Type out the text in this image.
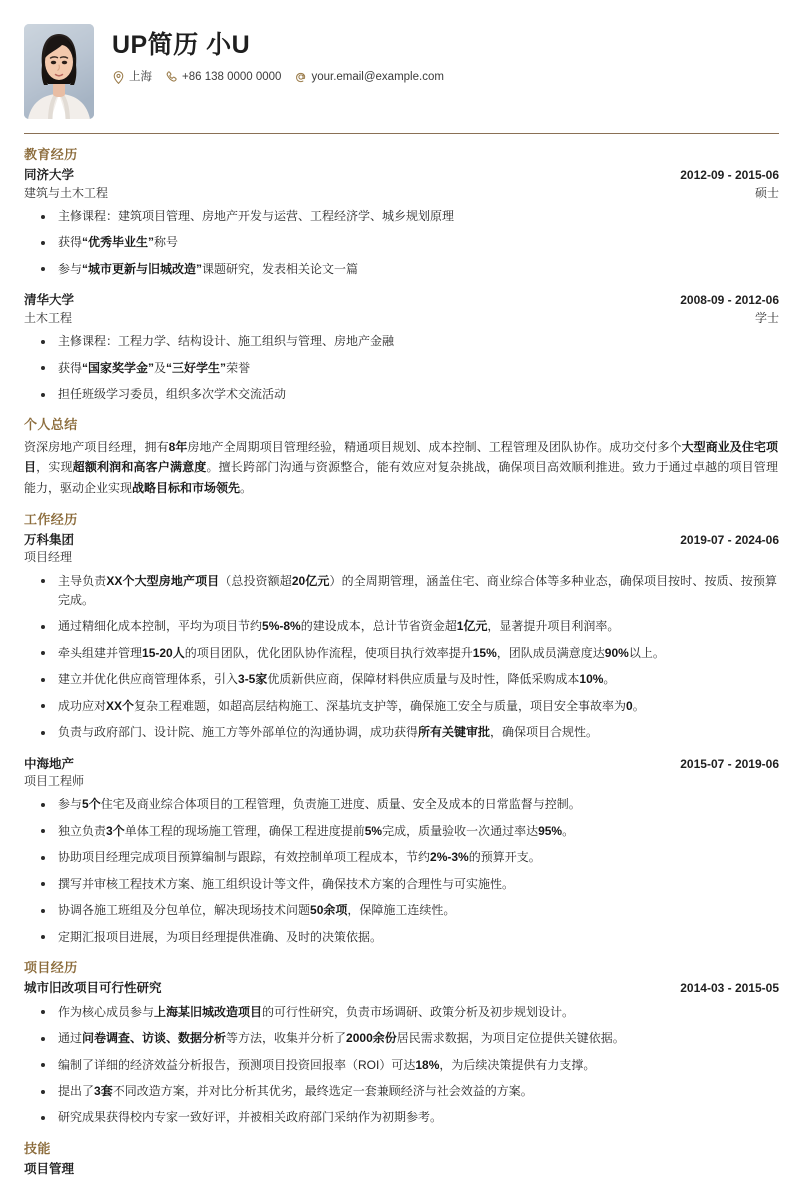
UP简历 小U
上海	+86 138 0000 0000	your.email@example.com
教育经历
同济大学	2012-09 - 2015-06
建筑与土木工程	硕士
主修课程：建筑项目管理、房地产开发与运营、工程经济学、城乡规划原理
获得“优秀毕业生”称号
参与“城市更新与旧城改造”课题研究，发表相关论文一篇
清华大学	2008-09 - 2012-06
土木工程	学士
主修课程：工程力学、结构设计、施工组织与管理、房地产金融
获得“国家奖学金”及“三好学生”荣誉
担任班级学习委员，组织多次学术交流活动
个人总结

资深房地产项目经理，拥有8年房地产全周期项目管理经验，精通项目规划、成本控制、工程管理及团队协作。成功交付多个大型商业及住宅项目，实现超额利润和高客户满意度。擅长跨部门沟通与资源整合，能有效应对复杂挑战，确保项目高效顺利推进。致力于通过卓越的项目管理能力，驱动企业实现战略目标和市场领先。

工作经历
万科集团	2019-07 - 2024-06
项目经理
主导负责XX个大型房地产项目（总投资额超20亿元）的全周期管理，涵盖住宅、商业综合体等多种业态，确保项目按时、按质、按预算完成。
通过精细化成本控制，平均为项目节约5%-8%的建设成本，总计节省资金超1亿元，显著提升项目利润率。
牵头组建并管理15-20人的项目团队，优化团队协作流程，使项目执行效率提升15%，团队成员满意度达90%以上。
建立并优化供应商管理体系，引入3-5家优质新供应商，保障材料供应质量与及时性，降低采购成本10%。
成功应对XX个复杂工程难题，如超高层结构施工、深基坑支护等，确保施工安全与质量，项目安全事故率为0。
负责与政府部门、设计院、施工方等外部单位的沟通协调，成功获得所有关键审批，确保项目合规性。
中海地产	2015-07 - 2019-06
项目工程师
参与5个住宅及商业综合体项目的工程管理，负责施工进度、质量、安全及成本的日常监督与控制。
独立负责3个单体工程的现场施工管理，确保工程进度提前5%完成，质量验收一次通过率达95%。
协助项目经理完成项目预算编制与跟踪，有效控制单项工程成本，节约2%-3%的预算开支。
撰写并审核工程技术方案、施工组织设计等文件，确保技术方案的合理性与可实施性。
协调各施工班组及分包单位，解决现场技术问题50余项，保障施工连续性。
定期汇报项目进展，为项目经理提供准确、及时的决策依据。
项目经历
城市旧改项目可行性研究	2014-03 - 2015-05
作为核心成员参与上海某旧城改造项目的可行性研究，负责市场调研、政策分析及初步规划设计。
通过问卷调查、访谈、数据分析等方法，收集并分析了2000余份居民需求数据，为项目定位提供关键依据。
编制了详细的经济效益分析报告，预测项目投资回报率（ROI）可达18%，为后续决策提供有力支撑。
提出了3套不同改造方案，并对比分析其优劣，最终选定一套兼顾经济与社会效益的方案。
研究成果获得校内专家一致好评，并被相关政府部门采纳作为初期参考。
技能
项目管理
